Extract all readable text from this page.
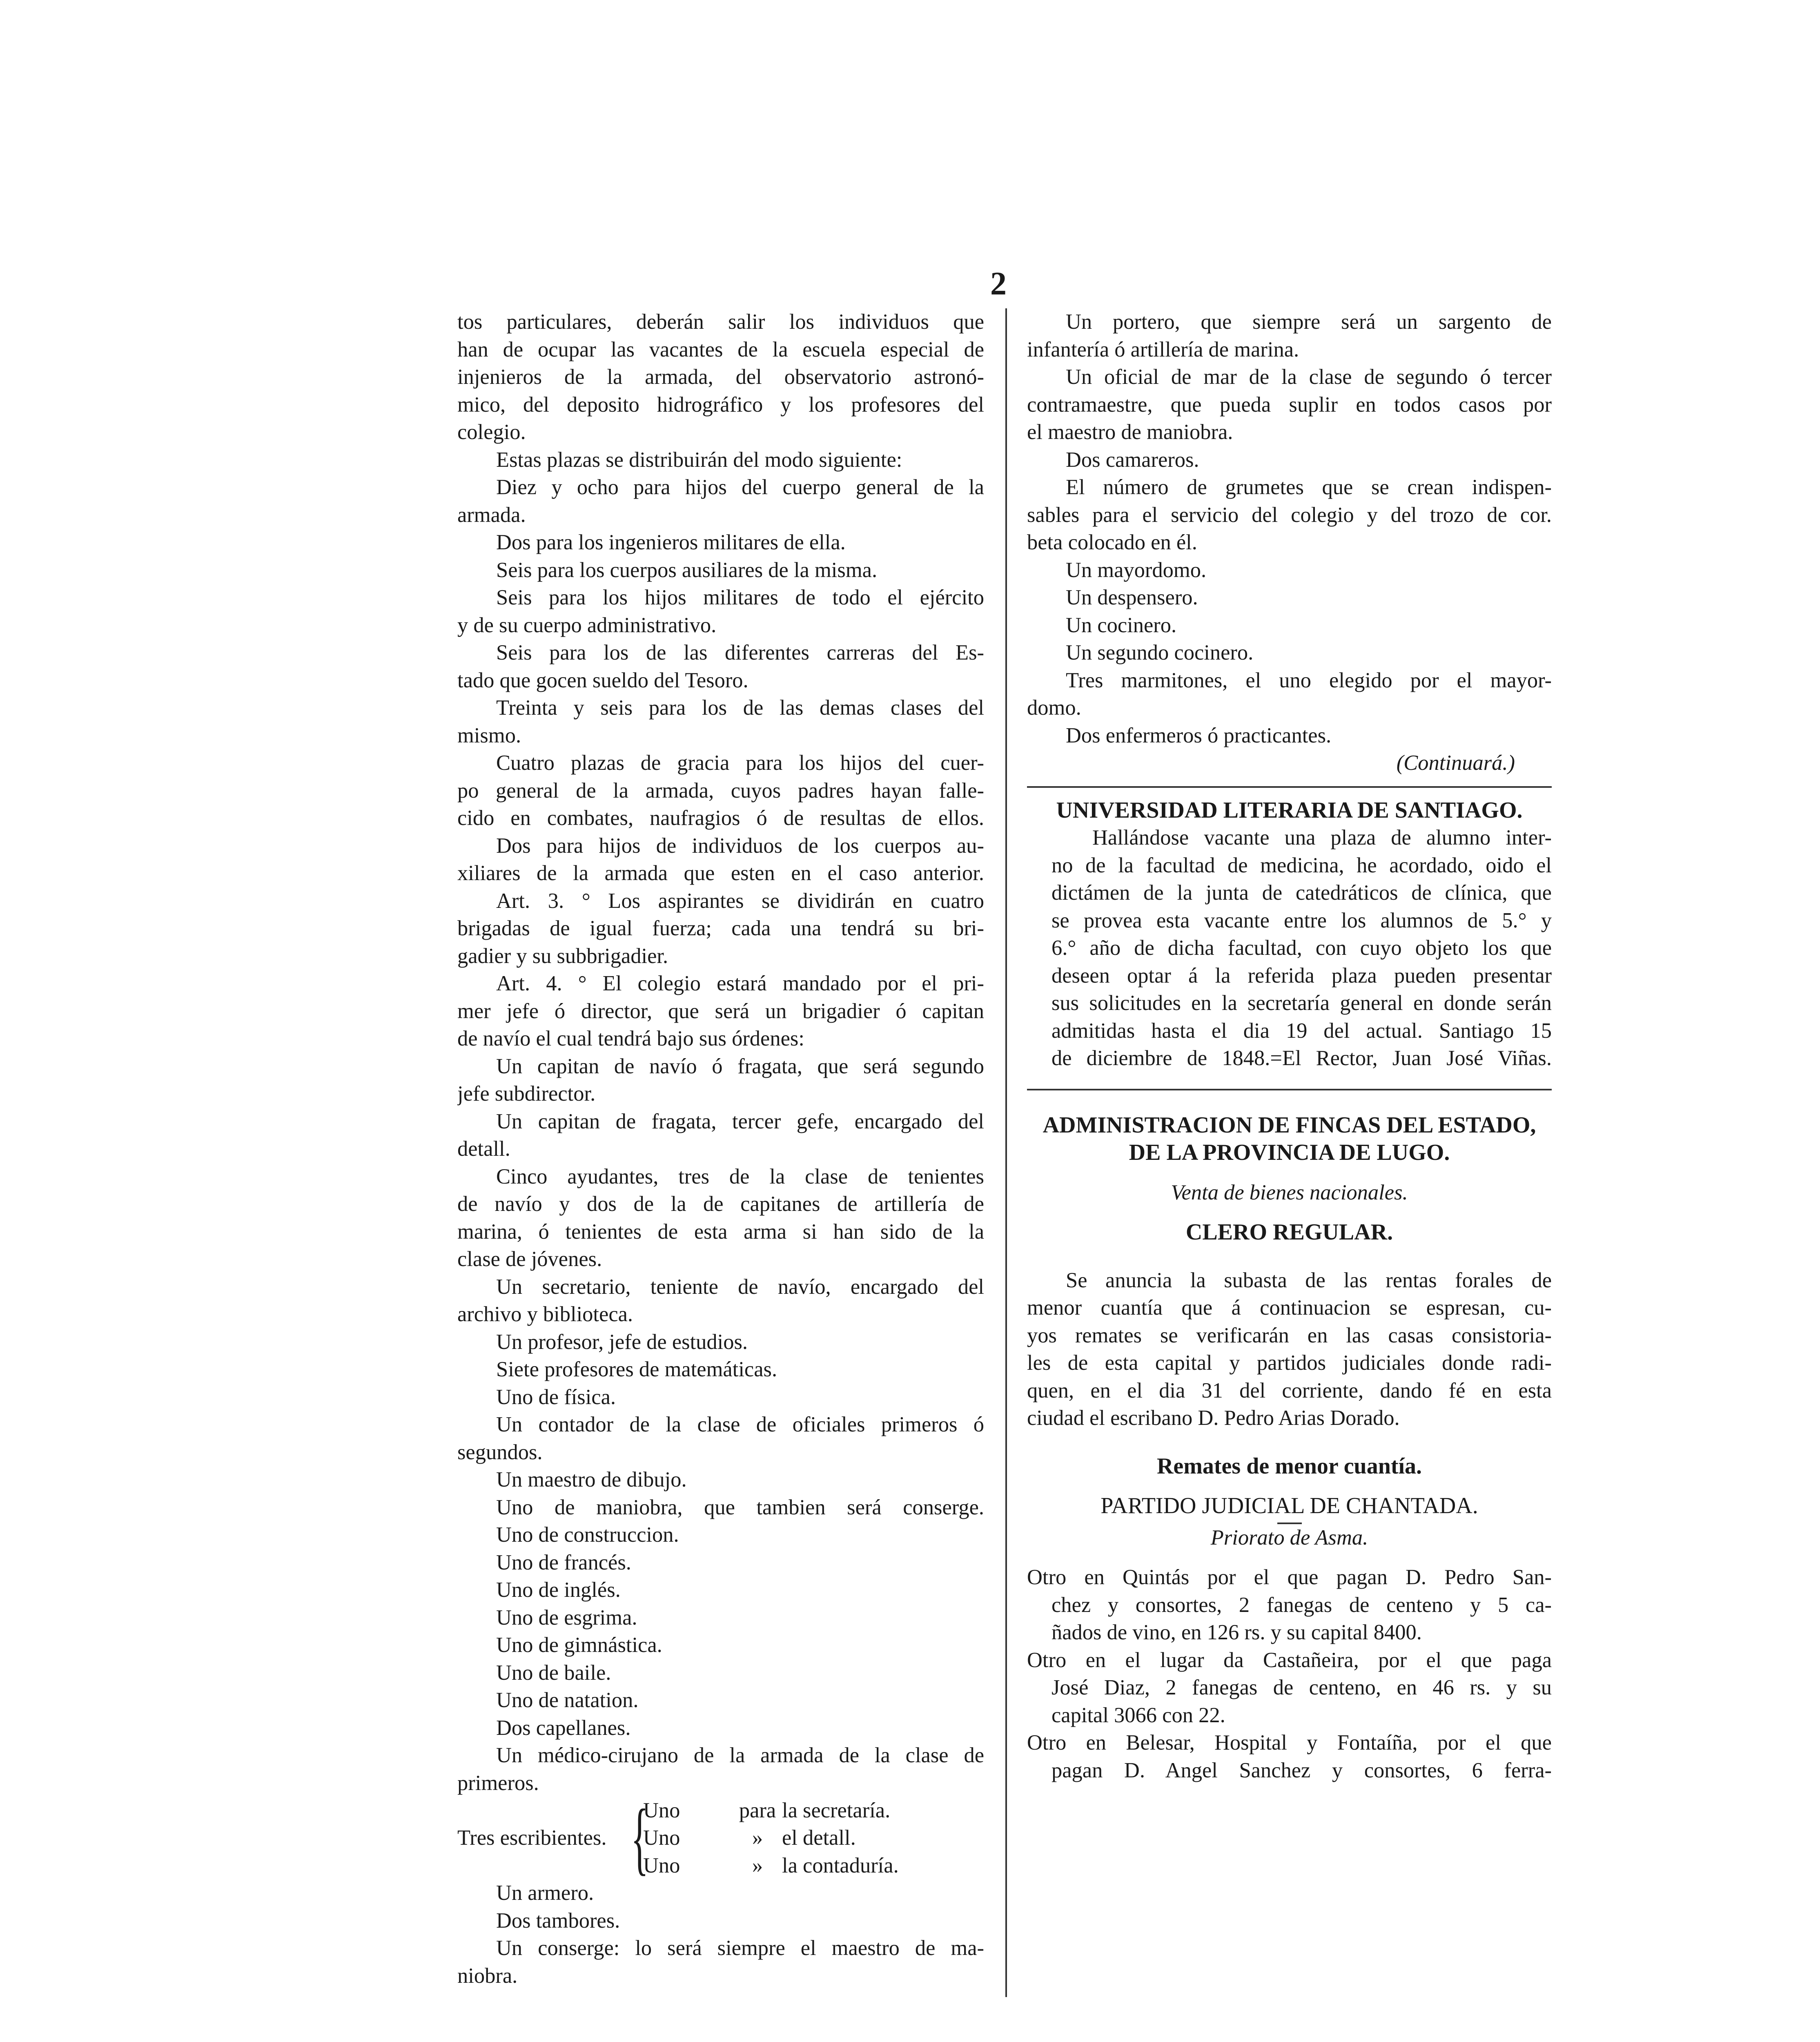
2
tos particulares, deberán salir los individuos que
han de ocupar las vacantes de la escuela especial de
injenieros de la armada, del observatorio astronó-
mico, del deposito hidrográfico y los profesores del
colegio.
Estas plazas se distribuirán del modo siguiente:
Diez y ocho para hijos del cuerpo general de la
armada.
Dos para los ingenieros militares de ella.
Seis para los cuerpos ausiliares de la misma.
Seis para los hijos militares de todo el ejército
y de su cuerpo administrativo.
Seis para los de las diferentes carreras del Es-
tado que gocen sueldo del Tesoro.
Treinta y seis para los de las demas clases del
mismo.
Cuatro plazas de gracia para los hijos del cuer-
po general de la armada, cuyos padres hayan falle-
cido en combates, naufragios ó de resultas de ellos.
Dos para hijos de individuos de los cuerpos au-
xiliares de la armada que esten en el caso anterior.
Art. 3. ° Los aspirantes se dividirán en cuatro
brigadas de igual fuerza; cada una tendrá su bri-
gadier y su subbrigadier.
Art. 4. ° El colegio estará mandado por el pri-
mer jefe ó director, que será un brigadier ó capitan
de navío el cual tendrá bajo sus órdenes:
Un capitan de navío ó fragata, que será segundo
jefe subdirector.
Un capitan de fragata, tercer gefe, encargado del
detall.
Cinco ayudantes, tres de la clase de tenientes
de navío y dos de la de capitanes de artillería de
marina, ó tenientes de esta arma si han sido de la
clase de jóvenes.
Un secretario, teniente de navío, encargado del
archivo y biblioteca.
Un profesor, jefe de estudios.
Siete profesores de matemáticas.
Uno de física.
Un contador de la clase de oficiales primeros ó
segundos.
Un maestro de dibujo.
Uno de maniobra, que tambien será conserge.
Uno de construccion.
Uno de francés.
Uno de inglés.
Uno de esgrima.
Uno de gimnástica.
Uno de baile.
Uno de natation.
Dos capellanes.
Un médico-cirujano de la armada de la clase de
primeros.
Tres escribientes. {
Uno	para la secretaría.
Uno	» el detall.
Uno	» la contaduría.
Un armero.
Dos tambores.
Un conserge: lo será siempre el maestro de ma-
niobra.
Un portero, que siempre será un sargento de
infantería ó artillería de marina.
Un oficial de mar de la clase de segundo ó tercer
contramaestre, que pueda suplir en todos casos por
el maestro de maniobra.
Dos camareros.
El número de grumetes que se crean indispen-
sables para el servicio del colegio y del trozo de cor.
beta colocado en él.
Un mayordomo.
Un despensero.
Un cocinero.
Un segundo cocinero.
Tres marmitones, el uno elegido por el mayor-
domo.
Dos enfermeros ó practicantes.
(Continuará.)
UNIVERSIDAD LITERARIA DE SANTIAGO.
Hallándose vacante una plaza de alumno inter-
no de la facultad de medicina, he acordado, oido el
dictámen de la junta de catedráticos de clínica, que
se provea esta vacante entre los alumnos de 5.° y
6.° año de dicha facultad, con cuyo objeto los que
deseen optar á la referida plaza pueden presentar
sus solicitudes en la secretaría general en donde serán
admitidas hasta el dia 19 del actual. Santiago 15
de diciembre de 1848.=El Rector, Juan José Viñas.
ADMINISTRACION DE FINCAS DEL ESTADO,
DE LA PROVINCIA DE LUGO.
Venta de bienes nacionales.
CLERO REGULAR.
Se anuncia la subasta de las rentas forales de
menor cuantía que á continuacion se espresan, cu-
yos remates se verificarán en las casas consistoria-
les de esta capital y partidos judiciales donde radi-
quen, en el dia 31 del corriente, dando fé en esta
ciudad el escribano D. Pedro Arias Dorado.
Remates de menor cuantía.
PARTIDO JUDICIAL DE CHANTADA.
Priorato de Asma.
Otro en Quintás por el que pagan D. Pedro San-
chez y consortes, 2 fanegas de centeno y 5 ca-
ñados de vino, en 126 rs. y su capital 8400.
Otro en el lugar da Castañeira, por el que paga
José Diaz, 2 fanegas de centeno, en 46 rs. y su
capital 3066 con 22.
Otro en Belesar, Hospital y Fontaíña, por el que
pagan D. Angel Sanchez y consortes, 6 ferra-
